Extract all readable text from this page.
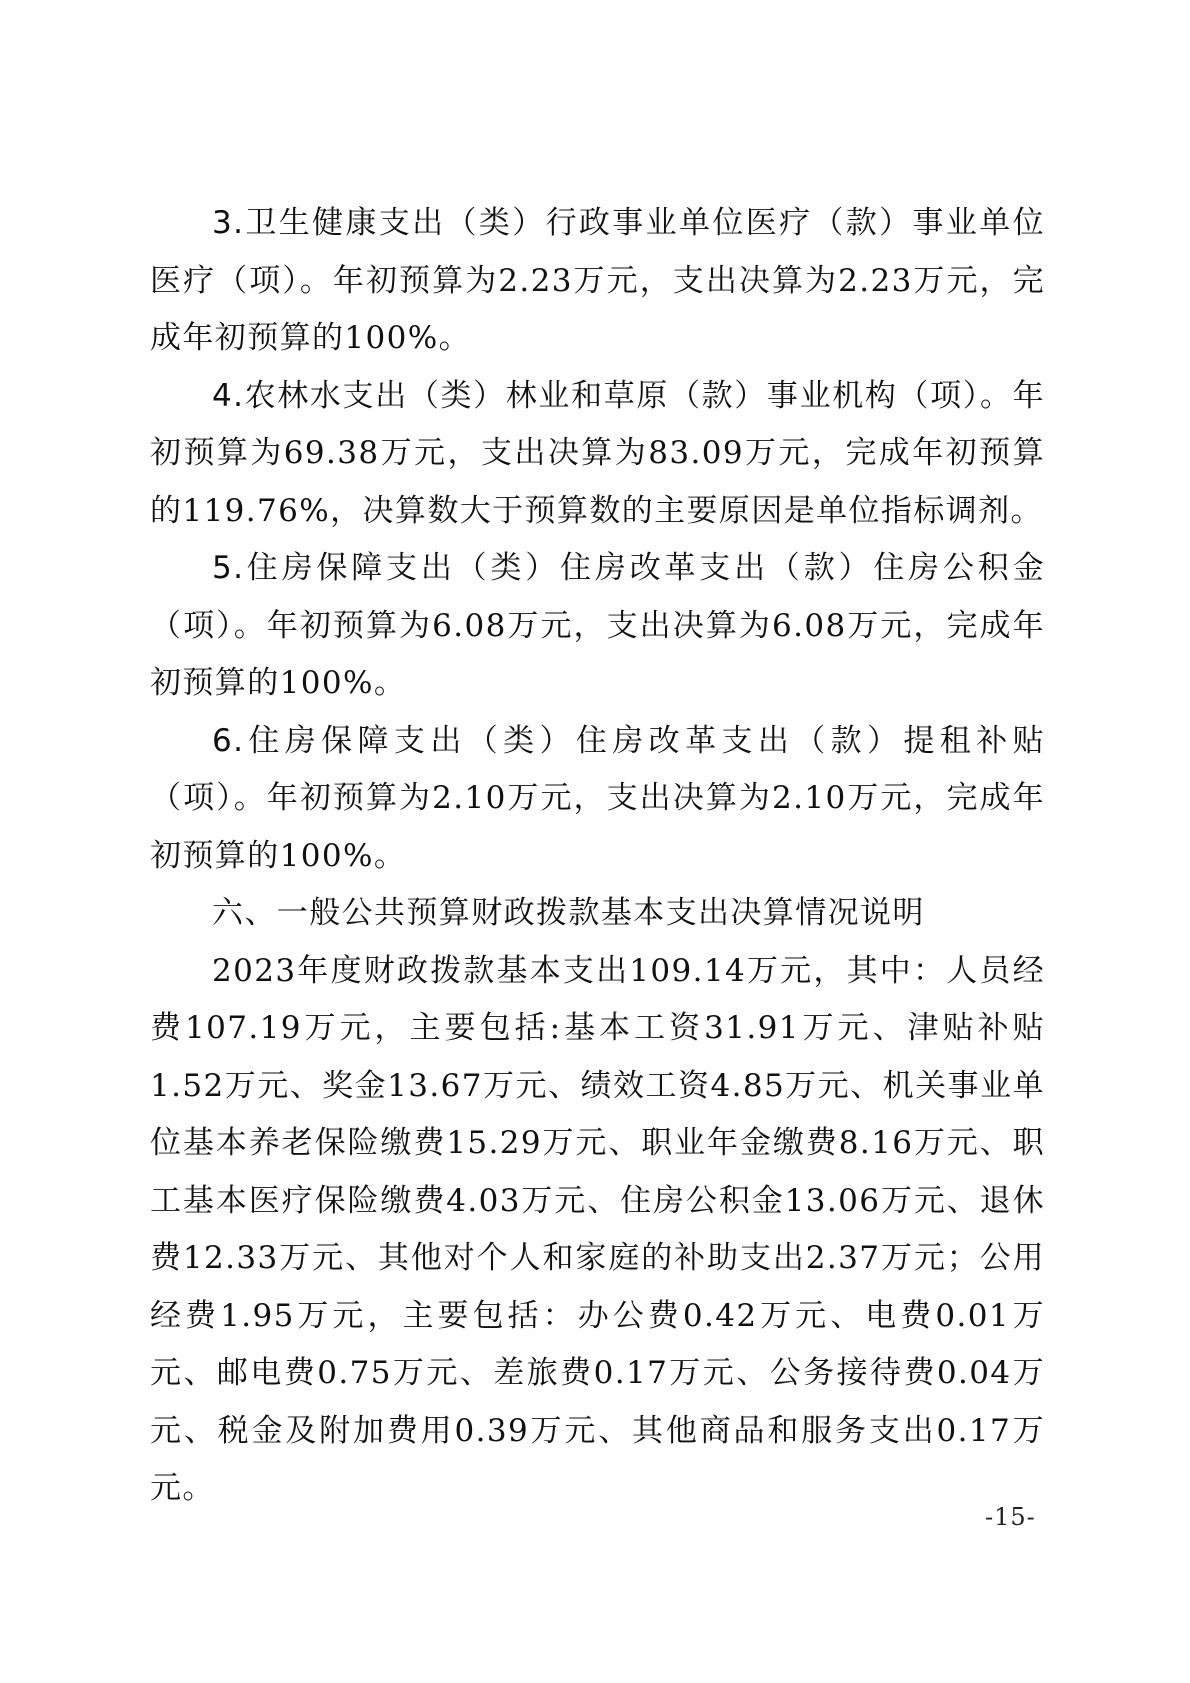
3.卫生健康支出（类）行政事业单位医疗（款）事业单位医疗（项）。年初预算为2.23万元，支出决算为2.23万元，完成年初预算的100%。

4.农林水支出（类）林业和草原（款）事业机构（项）。年初预算为69.38万元，支出决算为83.09万元，完成年初预算的119.76%，决算数大于预算数的主要原因是单位指标调剂。

5.住房保障支出（类）住房改革支出（款）住房公积金（项）。年初预算为6.08万元，支出决算为6.08万元，完成年初预算的100%。

6.住房保障支出（类）住房改革支出（款）提租补贴（项）。年初预算为2.10万元，支出决算为2.10万元，完成年初预算的100%。

六、一般公共预算财政拨款基本支出决算情况说明

2023年度财政拨款基本支出109.14万元，其中：人员经费107.19万元，主要包括:基本工资31.91万元、津贴补贴1.52万元、奖金13.67万元、绩效工资4.85万元、机关事业单位基本养老保险缴费15.29万元、职业年金缴费8.16万元、职工基本医疗保险缴费4.03万元、住房公积金13.06万元、退休费12.33万元、其他对个人和家庭的补助支出2.37万元；公用经费1.95万元，主要包括：办公费0.42万元、电费0.01万元、邮电费0.75万元、差旅费0.17万元、公务接待费0.04万元、税金及附加费用0.39万元、其他商品和服务支出0.17万元。

-15-
